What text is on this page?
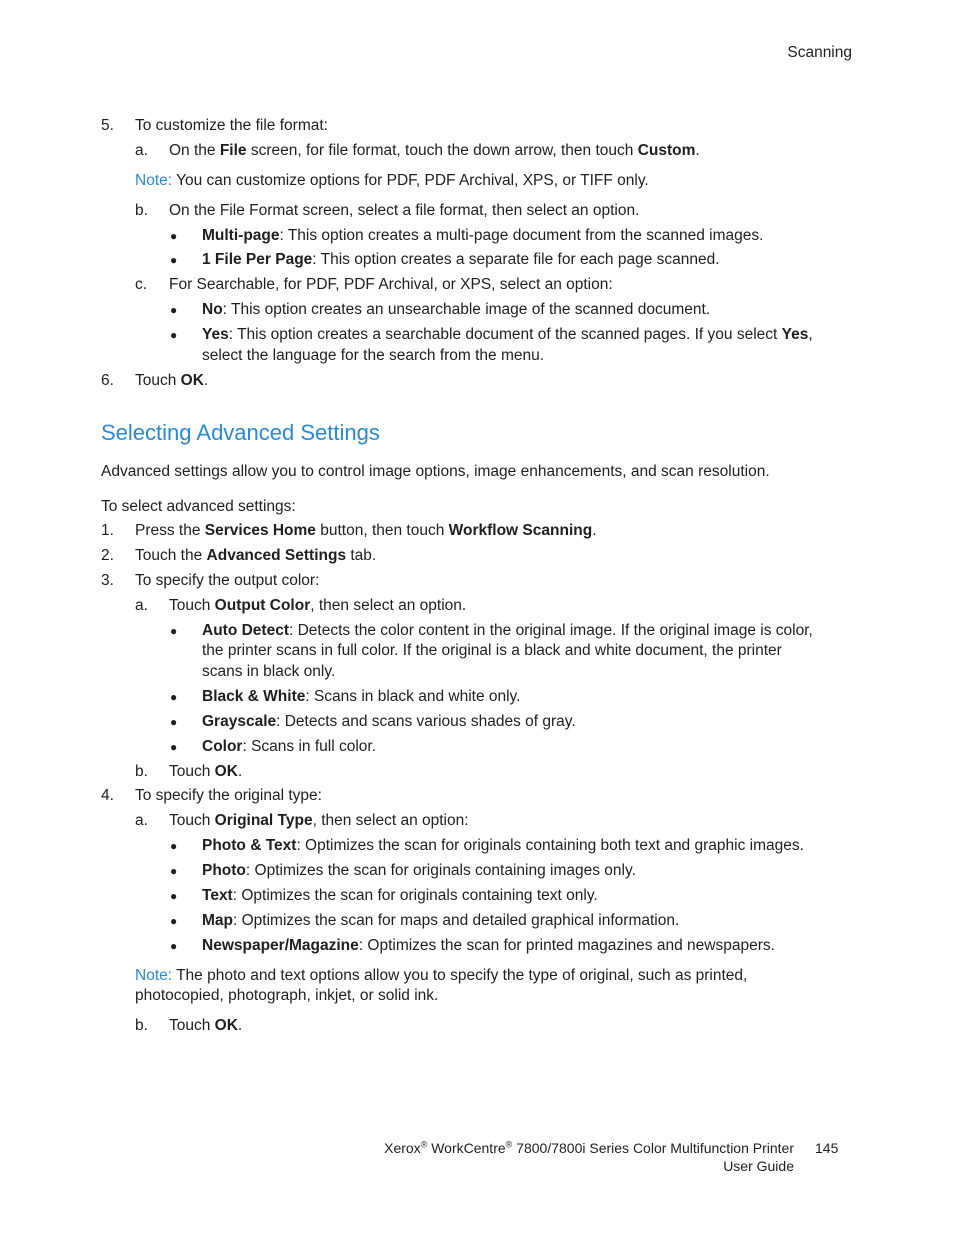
Scanning
5. To customize the file format:
a. On the File screen, for file format, touch the down arrow, then touch Custom.
Note: You can customize options for PDF, PDF Archival, XPS, or TIFF only.
b. On the File Format screen, select a file format, then select an option.
● Multi-page: This option creates a multi-page document from the scanned images.
● 1 File Per Page: This option creates a separate file for each page scanned.
c. For Searchable, for PDF, PDF Archival, or XPS, select an option:
● No: This option creates an unsearchable image of the scanned document.
● Yes: This option creates a searchable document of the scanned pages. If you select Yes,
select the language for the search from the menu.
6. Touch OK.
Selecting Advanced Settings
Advanced settings allow you to control image options, image enhancements, and scan resolution.
To select advanced settings:
1. Press the Services Home button, then touch Workflow Scanning.
2. Touch the Advanced Settings tab.
3. To specify the output color:
a. Touch Output Color, then select an option.
● Auto Detect: Detects the color content in the original image. If the original image is color,
the printer scans in full color. If the original is a black and white document, the printer
scans in black only.
● Black & White: Scans in black and white only.
● Grayscale: Detects and scans various shades of gray.
● Color: Scans in full color.
b. Touch OK.
4. To specify the original type:
a. Touch Original Type, then select an option:
● Photo & Text: Optimizes the scan for originals containing both text and graphic images.
● Photo: Optimizes the scan for originals containing images only.
● Text: Optimizes the scan for originals containing text only.
● Map: Optimizes the scan for maps and detailed graphical information.
● Newspaper/Magazine: Optimizes the scan for printed magazines and newspapers.
Note: The photo and text options allow you to specify the type of original, such as printed,
photocopied, photograph, inkjet, or solid ink.
b. Touch OK.
Xerox® WorkCentre® 7800/7800i Series Color Multifunction Printer
User Guide
145
